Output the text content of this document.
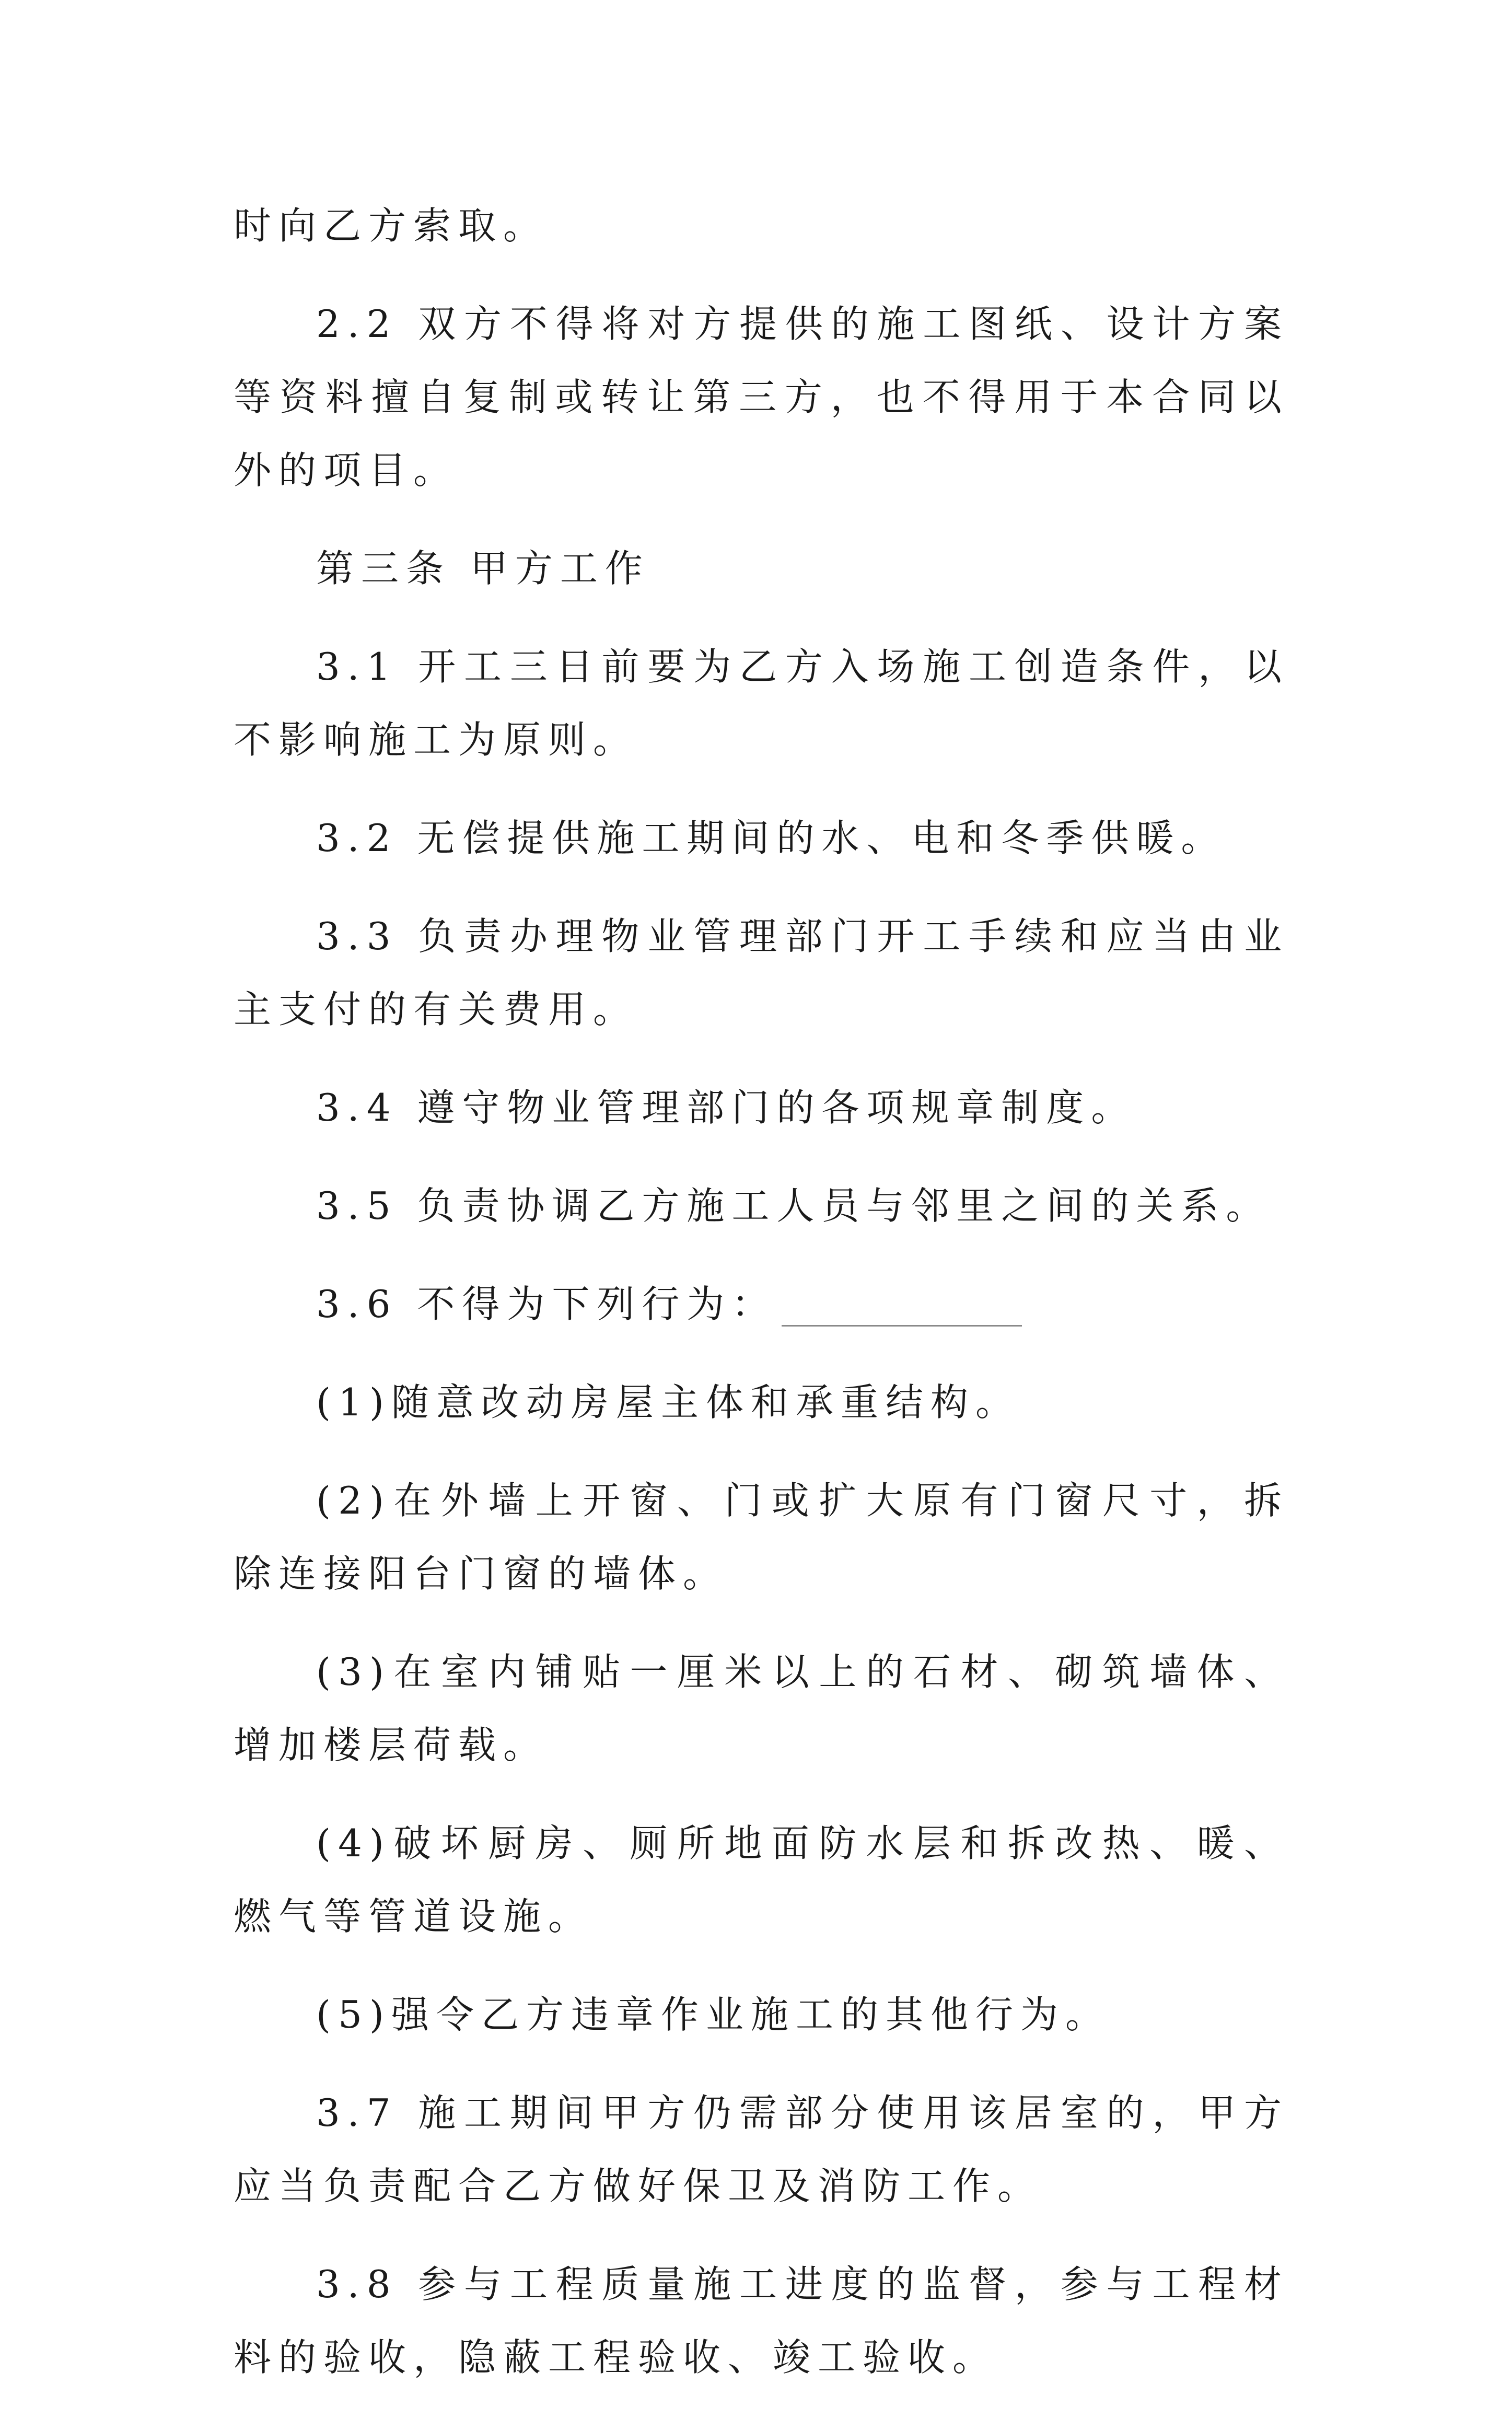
时向乙方索取。

2.2 双方不得将对方提供的施工图纸、设计方案等资料擅自复制或转让第三方，也不得用于本合同以外的项目。

第三条 甲方工作

3.1 开工三日前要为乙方入场施工创造条件，以不影响施工为原则。

3.2 无偿提供施工期间的水、电和冬季供暖。

3.3 负责办理物业管理部门开工手续和应当由业主支付的有关费用。

3.4 遵守物业管理部门的各项规章制度。

3.5 负责协调乙方施工人员与邻里之间的关系。

3.6 不得为下列行为：

(1)随意改动房屋主体和承重结构。

(2)在外墙上开窗、门或扩大原有门窗尺寸，拆除连接阳台门窗的墙体。

(3)在室内铺贴一厘米以上的石材、砌筑墙体、增加楼层荷载。

(4)破坏厨房、厕所地面防水层和拆改热、暖、燃气等管道设施。

(5)强令乙方违章作业施工的其他行为。

3.7 施工期间甲方仍需部分使用该居室的，甲方应当负责配合乙方做好保卫及消防工作。

3.8 参与工程质量施工进度的监督，参与工程材料的验收，隐蔽工程验收、竣工验收。
